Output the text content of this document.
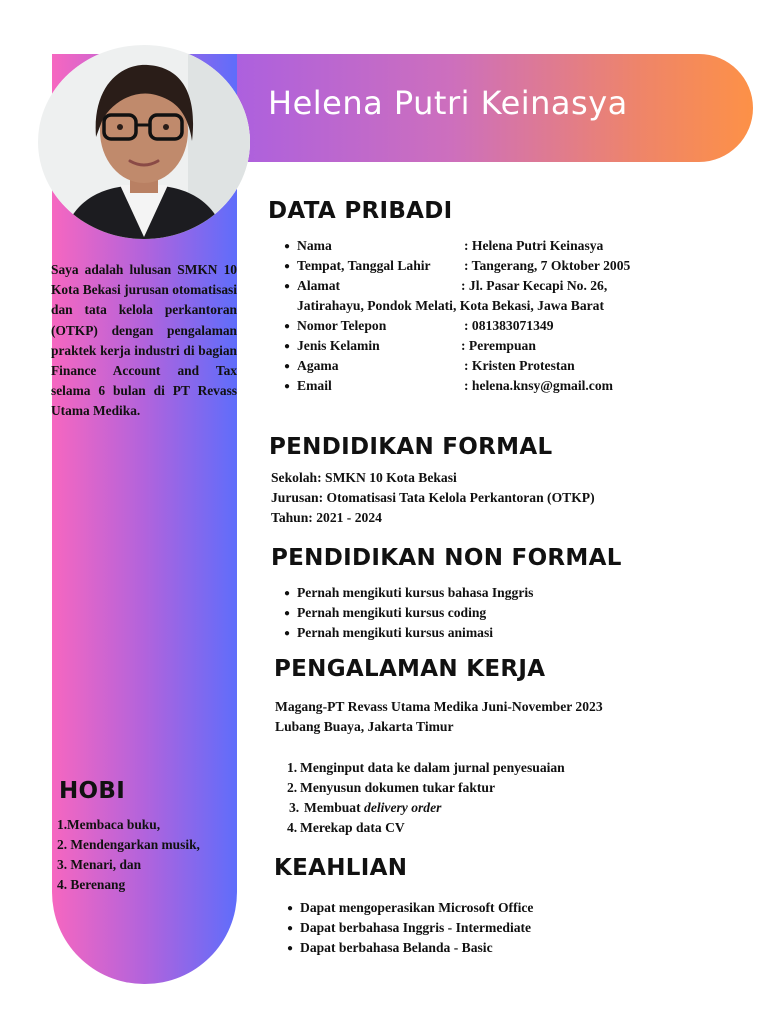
Helena Putri Keinasya

Saya adalah lulusan SMKN 10 Kota Bekasi jurusan otomatisasi dan tata kelola perkantoran (OTKP) dengan pengalaman praktek kerja industri di bagian Finance Account and Tax selama 6 bulan di PT Revass Utama Medika.

HOBI
1.Membaca buku,
2. Mendengarkan musik,
3. Menari, dan
4. Berenang
DATA PRIBADI
● Nama	: Helena Putri Keinasya
● Tempat, Tanggal Lahir : Tangerang, 7 Oktober 2005
● Alamat	: Jl. Pasar Kecapi No. 26,
Jatirahayu, Pondok Melati, Kota Bekasi, Jawa Barat
● Nomor Telepon	: 081383071349
● Jenis Kelamin	: Perempuan
● Agama	: Kristen Protestan
● Email	: helena.knsy@gmail.com
PENDIDIKAN FORMAL
Sekolah: SMKN 10 Kota Bekasi
Jurusan: Otomatisasi Tata Kelola Perkantoran (OTKP)
Tahun: 2021 - 2024
PENDIDIKAN NON FORMAL
● Pernah mengikuti kursus bahasa Inggris
● Pernah mengikuti kursus coding
● Pernah mengikuti kursus animasi
PENGALAMAN KERJA
Magang-PT Revass Utama Medika Juni-November 2023
Lubang Buaya, Jakarta Timur
1. Menginput data ke dalam jurnal penyesuaian
2. Menyusun dokumen tukar faktur
3. Membuat delivery order
4. Merekap data CV
KEAHLIAN
● Dapat mengoperasikan Microsoft Office
● Dapat berbahasa Inggris - Intermediate
● Dapat berbahasa Belanda - Basic
